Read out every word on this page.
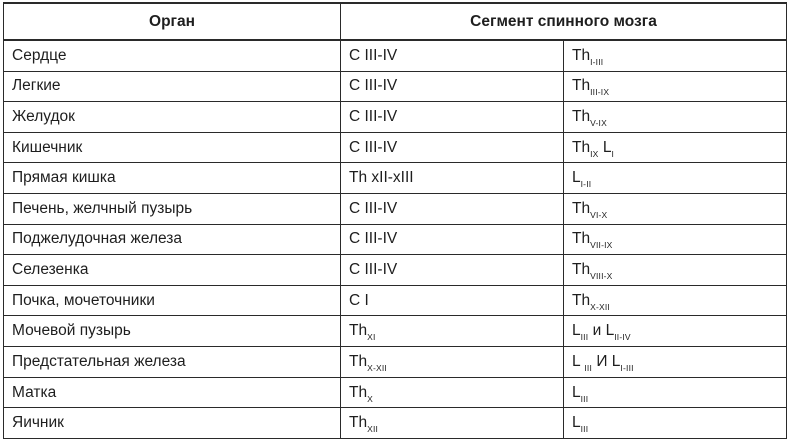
Орган	Сегмент спинного мозга	
Сердце	C III-IV	$Th_{I-III}$
Легкие	C III-IV	$Th_{III-IX}$
Желудок	C III-IV	$Th_{V-IX}$
Кишечник	C III-IV	$Th_{IX}$ $L_I$
Прямая кишка	Th xII-xIII	$L_{I-II}$
Печень, желчный пузырь	C III-IV	$Th_{VI-X}$
Поджелудочная железа	C III-IV	$Th_{VII-IX}$
Селезенка	C III-IV	$Th_{VIII-X}$
Почка, мочеточники	C I	$Th_{X-XII}$
Мочевой пузырь	$Th_{XI}$	$L_{III}$ и $L_{II-IV}$
Предстательная железа	$Th_{X-XII}$	L $_{III}$ И $L_{I-III}$
Матка	$Th_X$	$L_{III}$
Яичник	$Th_{XII}$	$L_{III}$
